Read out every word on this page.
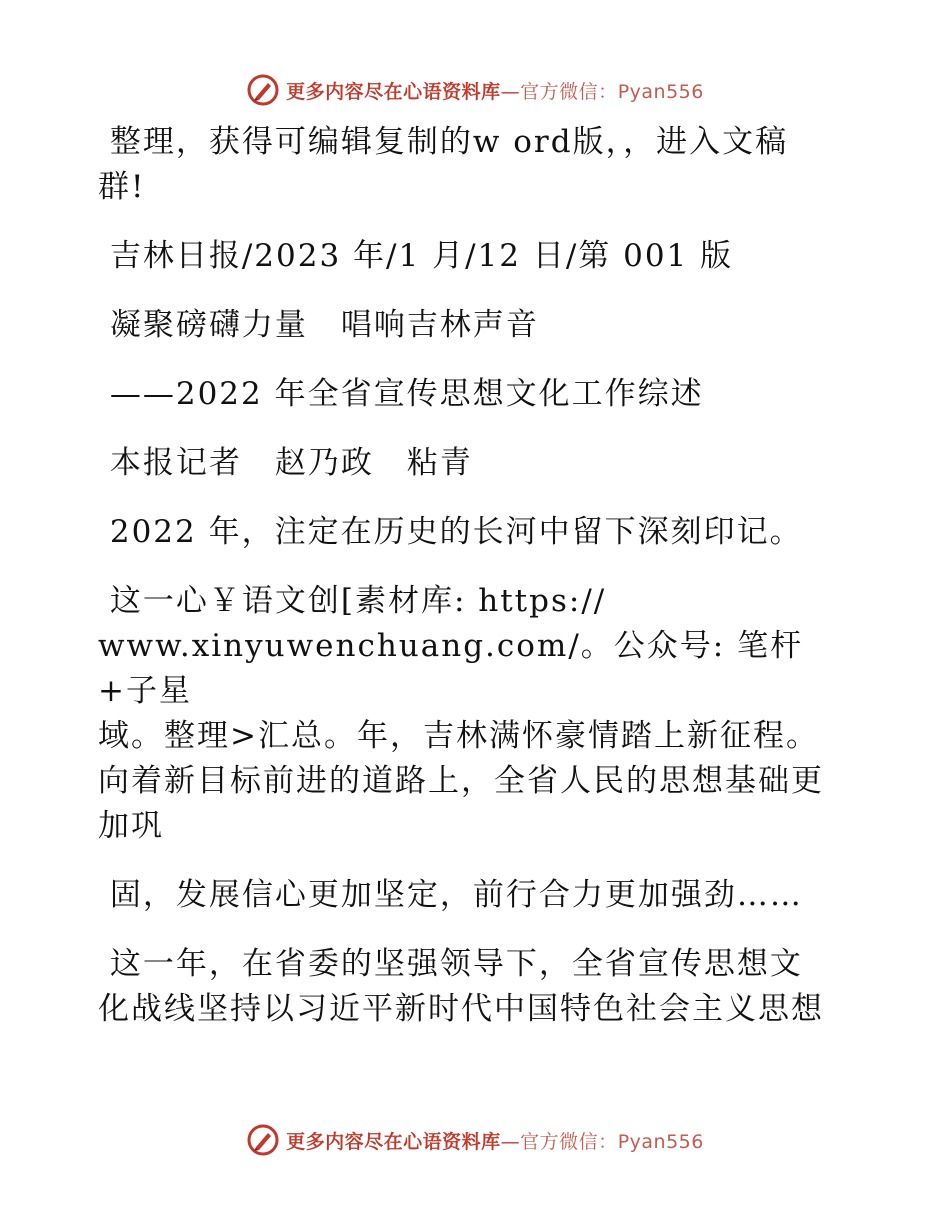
更多内容尽在心语资料库—官方微信：Pyan556

整理，获得可编辑复制的w ord版，，进入文稿

群!

吉林日报/2023 年/1 月/12 日/第 001 版

凝聚磅礴力量　唱响吉林声音

——2022 年全省宣传思想文化工作综述

本报记者　赵乃政　粘青

2022 年，注定在历史的长河中留下深刻印记。

这一心￥语文创[素材库: https://

www.xinyuwenchuang.com/。公众号: 笔杆+子星

域。整理>汇总。年，吉林满怀豪情踏上新征程。

向着新目标前进的道路上，全省人民的思想基础更

加巩

固，发展信心更加坚定，前行合力更加强劲……

这一年，在省委的坚强领导下，全省宣传思想文

化战线坚持以习近平新时代中国特色社会主义思想

更多内容尽在心语资料库—官方微信：Pyan556
